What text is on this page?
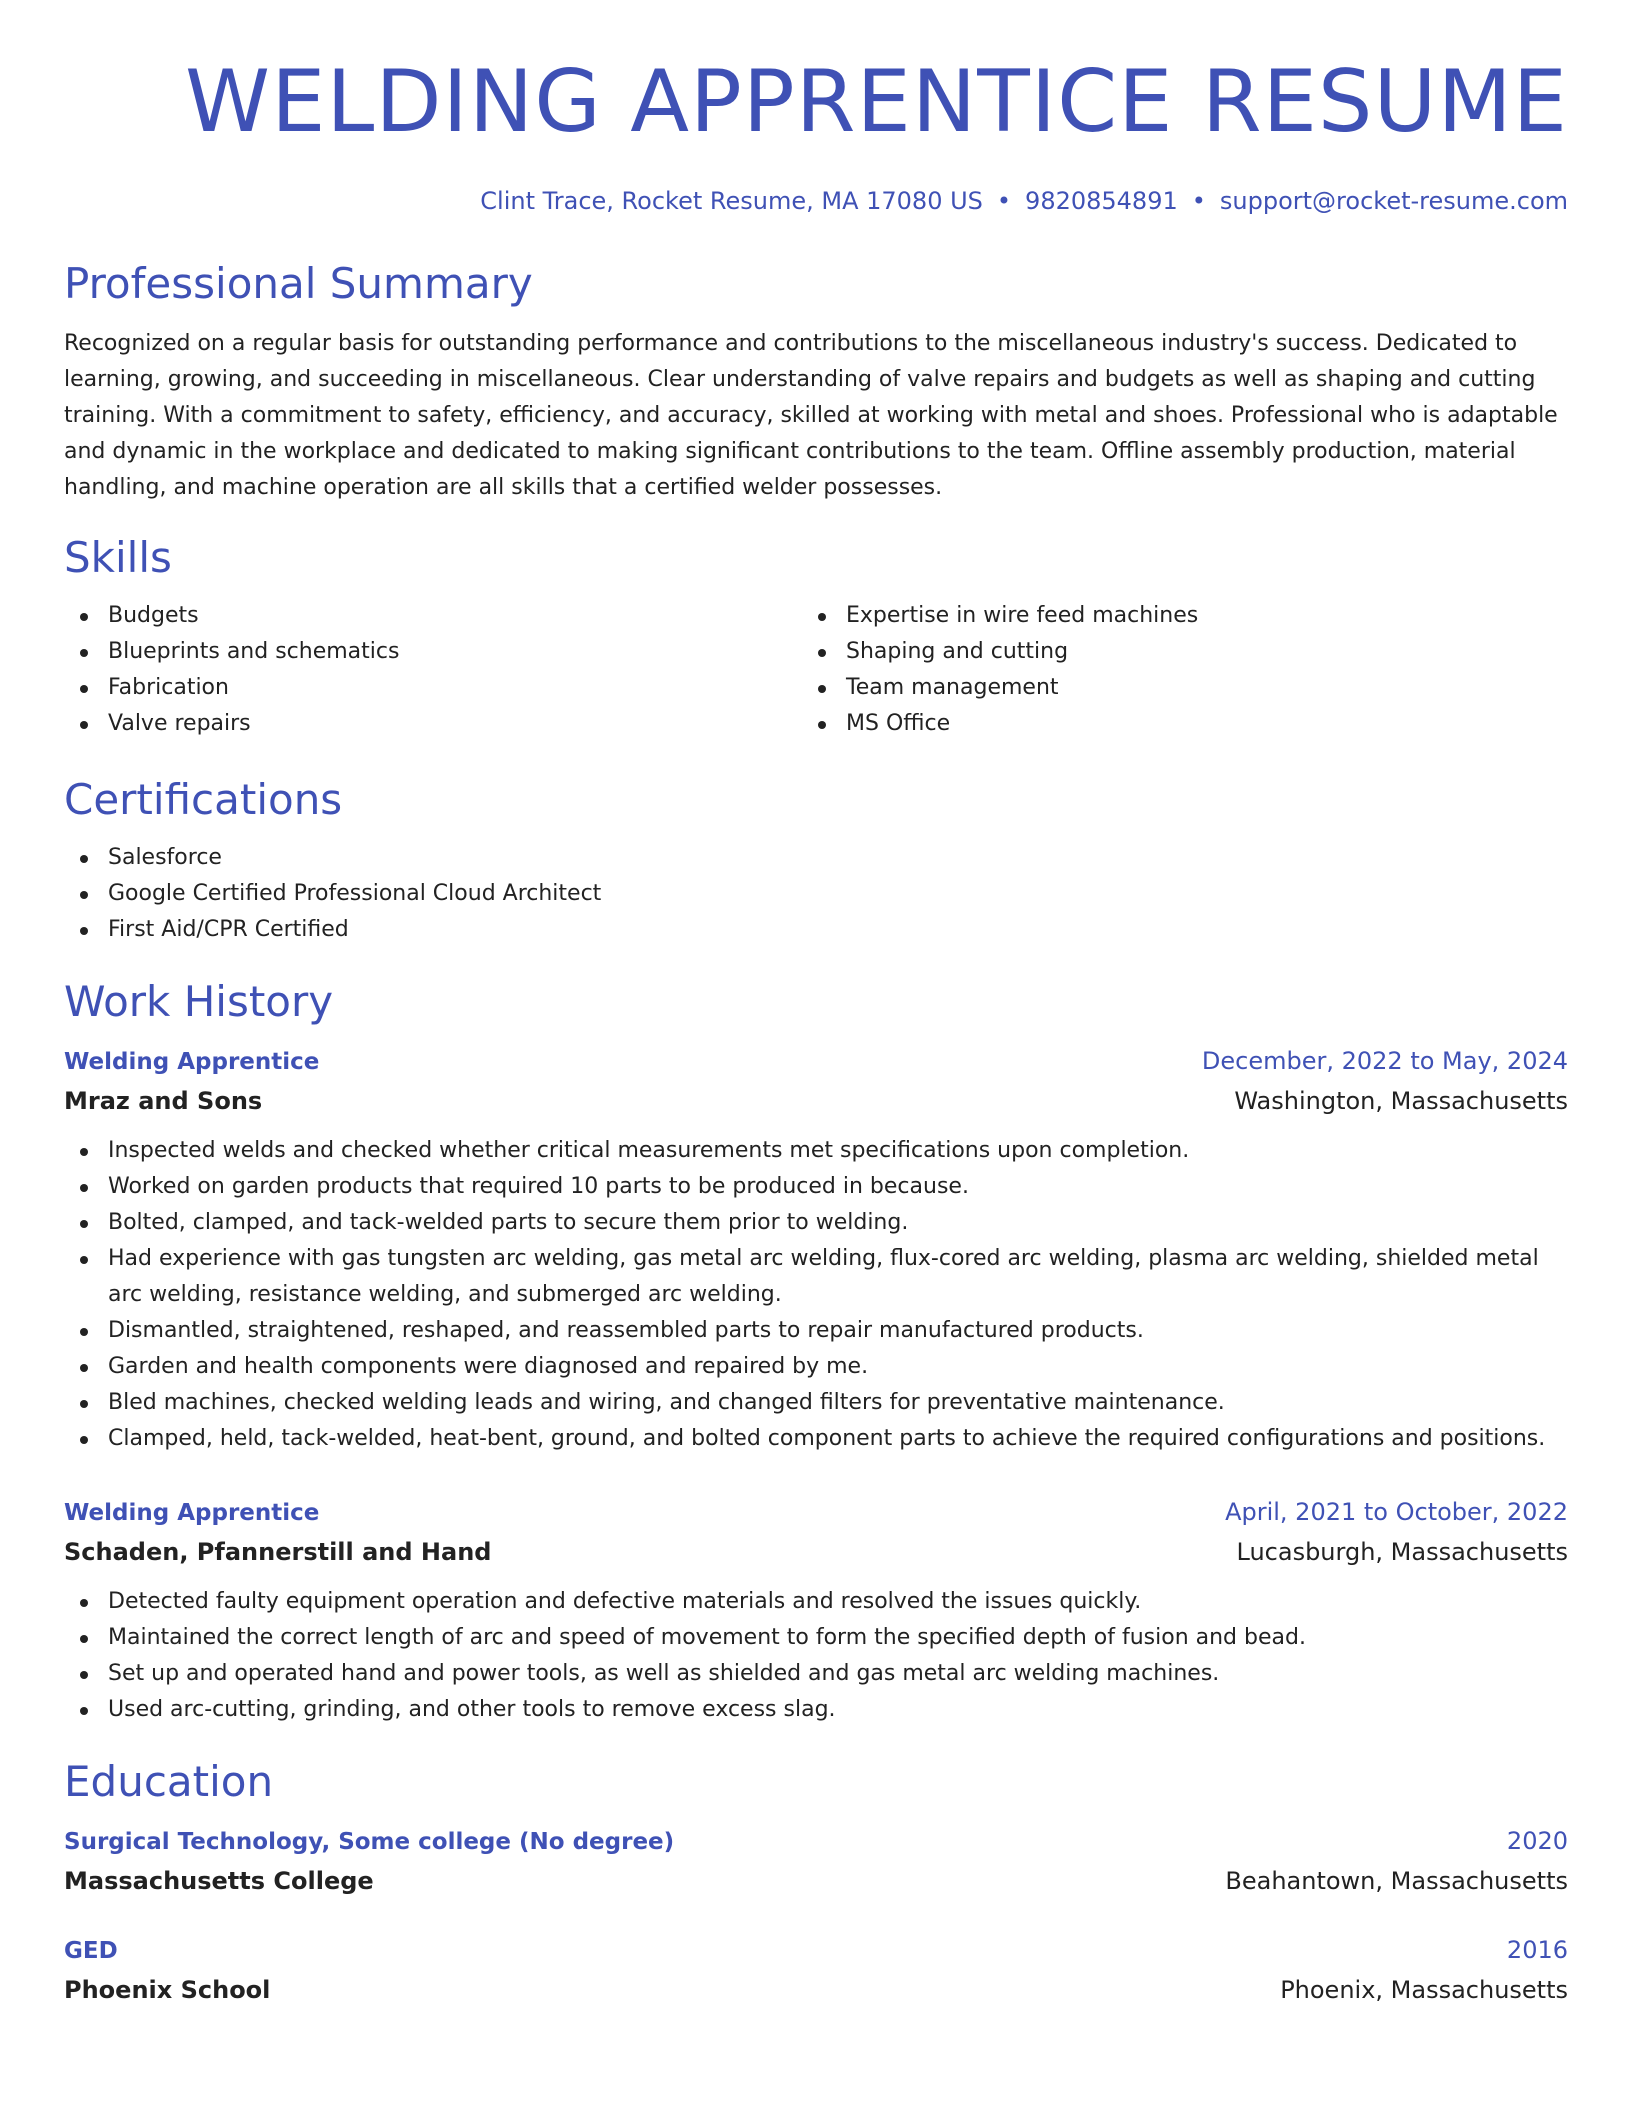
WELDING APPRENTICE RESUME
Clint Trace, Rocket Resume, MA 17080 US • 9820854891 • support@rocket-resume.com
Professional Summary

Recognized on a regular basis for outstanding performance and contributions to the miscellaneous industry's success. Dedicated to learning, growing, and succeeding in miscellaneous. Clear understanding of valve repairs and budgets as well as shaping and cutting training. With a commitment to safety, efficiency, and accuracy, skilled at working with metal and shoes. Professional who is adaptable and dynamic in the workplace and dedicated to making significant contributions to the team. Offline assembly production, material handling, and machine operation are all skills that a certified welder possesses.

Skills
Budgets
Blueprints and schematics
Fabrication
Valve repairs
Expertise in wire feed machines
Shaping and cutting
Team management
MS Office
Certifications
Salesforce
Google Certified Professional Cloud Architect
First Aid/CPR Certified
Work History
Welding Apprentice	December, 2022 to May, 2024
Mraz and Sons	Washington, Massachusetts
Inspected welds and checked whether critical measurements met specifications upon completion.
Worked on garden products that required 10 parts to be produced in because.
Bolted, clamped, and tack-welded parts to secure them prior to welding.
Had experience with gas tungsten arc welding, gas metal arc welding, flux-cored arc welding, plasma arc welding, shielded metal arc welding, resistance welding, and submerged arc welding.
Dismantled, straightened, reshaped, and reassembled parts to repair manufactured products.
Garden and health components were diagnosed and repaired by me.
Bled machines, checked welding leads and wiring, and changed filters for preventative maintenance.
Clamped, held, tack-welded, heat-bent, ground, and bolted component parts to achieve the required configurations and positions.
Welding Apprentice	April, 2021 to October, 2022
Schaden, Pfannerstill and Hand	Lucasburgh, Massachusetts
Detected faulty equipment operation and defective materials and resolved the issues quickly.
Maintained the correct length of arc and speed of movement to form the specified depth of fusion and bead.
Set up and operated hand and power tools, as well as shielded and gas metal arc welding machines.
Used arc-cutting, grinding, and other tools to remove excess slag.
Education
Surgical Technology, Some college (No degree)	2020
Massachusetts College	Beahantown, Massachusetts
GED	2016
Phoenix School	Phoenix, Massachusetts
